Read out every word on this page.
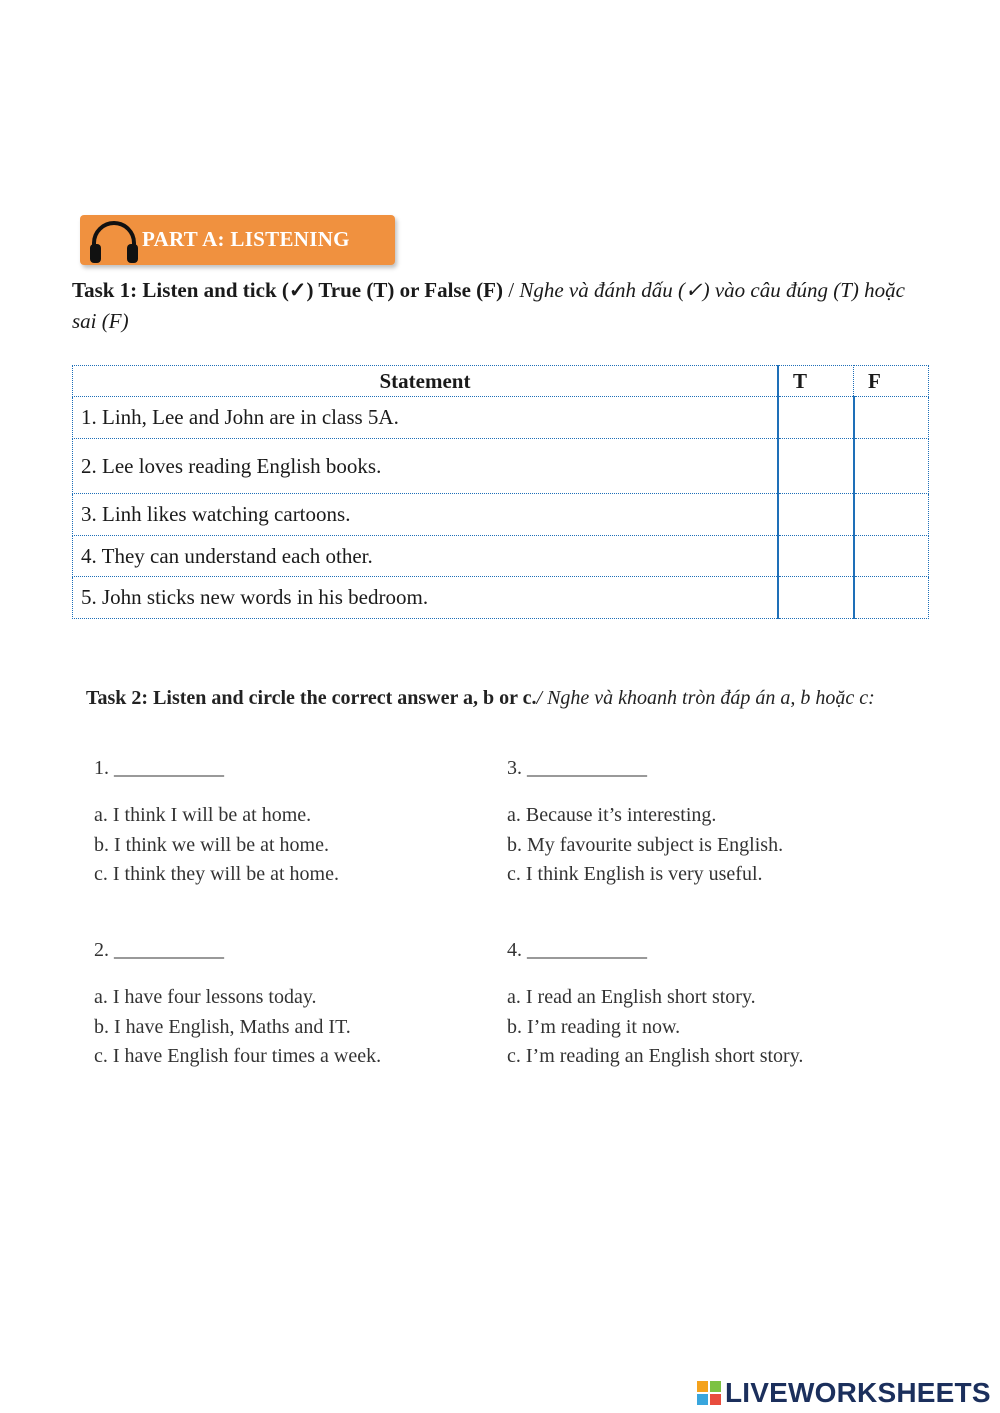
PART A: LISTENING
Task 1: Listen and tick (✓) True (T) or False (F) / Nghe và đánh dấu (✓) vào câu đúng (T) hoặc sai (F)
Statement	T	F
1. Linh, Lee and John are in class 5A.		
2. Lee loves reading English books.		
3. Linh likes watching cartoons.		
4. They can understand each other.		
5. John sticks new words in his bedroom.		
Task 2: Listen and circle the correct answer a, b or c./ Nghe và khoanh tròn đáp án a, b hoặc c:
1. ___________
a. I think I will be at home.
b. I think we will be at home.
c. I think they will be at home.
2. ___________
a. I have four lessons today.
b. I have English, Maths and IT.
c. I have English four times a week.
3. ____________
a. Because it’s interesting.
b. My favourite subject is English.
c. I think English is very useful.
4. ____________
a. I read an English short story.
b. I’m reading it now.
c. I’m reading an English short story.
LIVEWORKSHEETS
